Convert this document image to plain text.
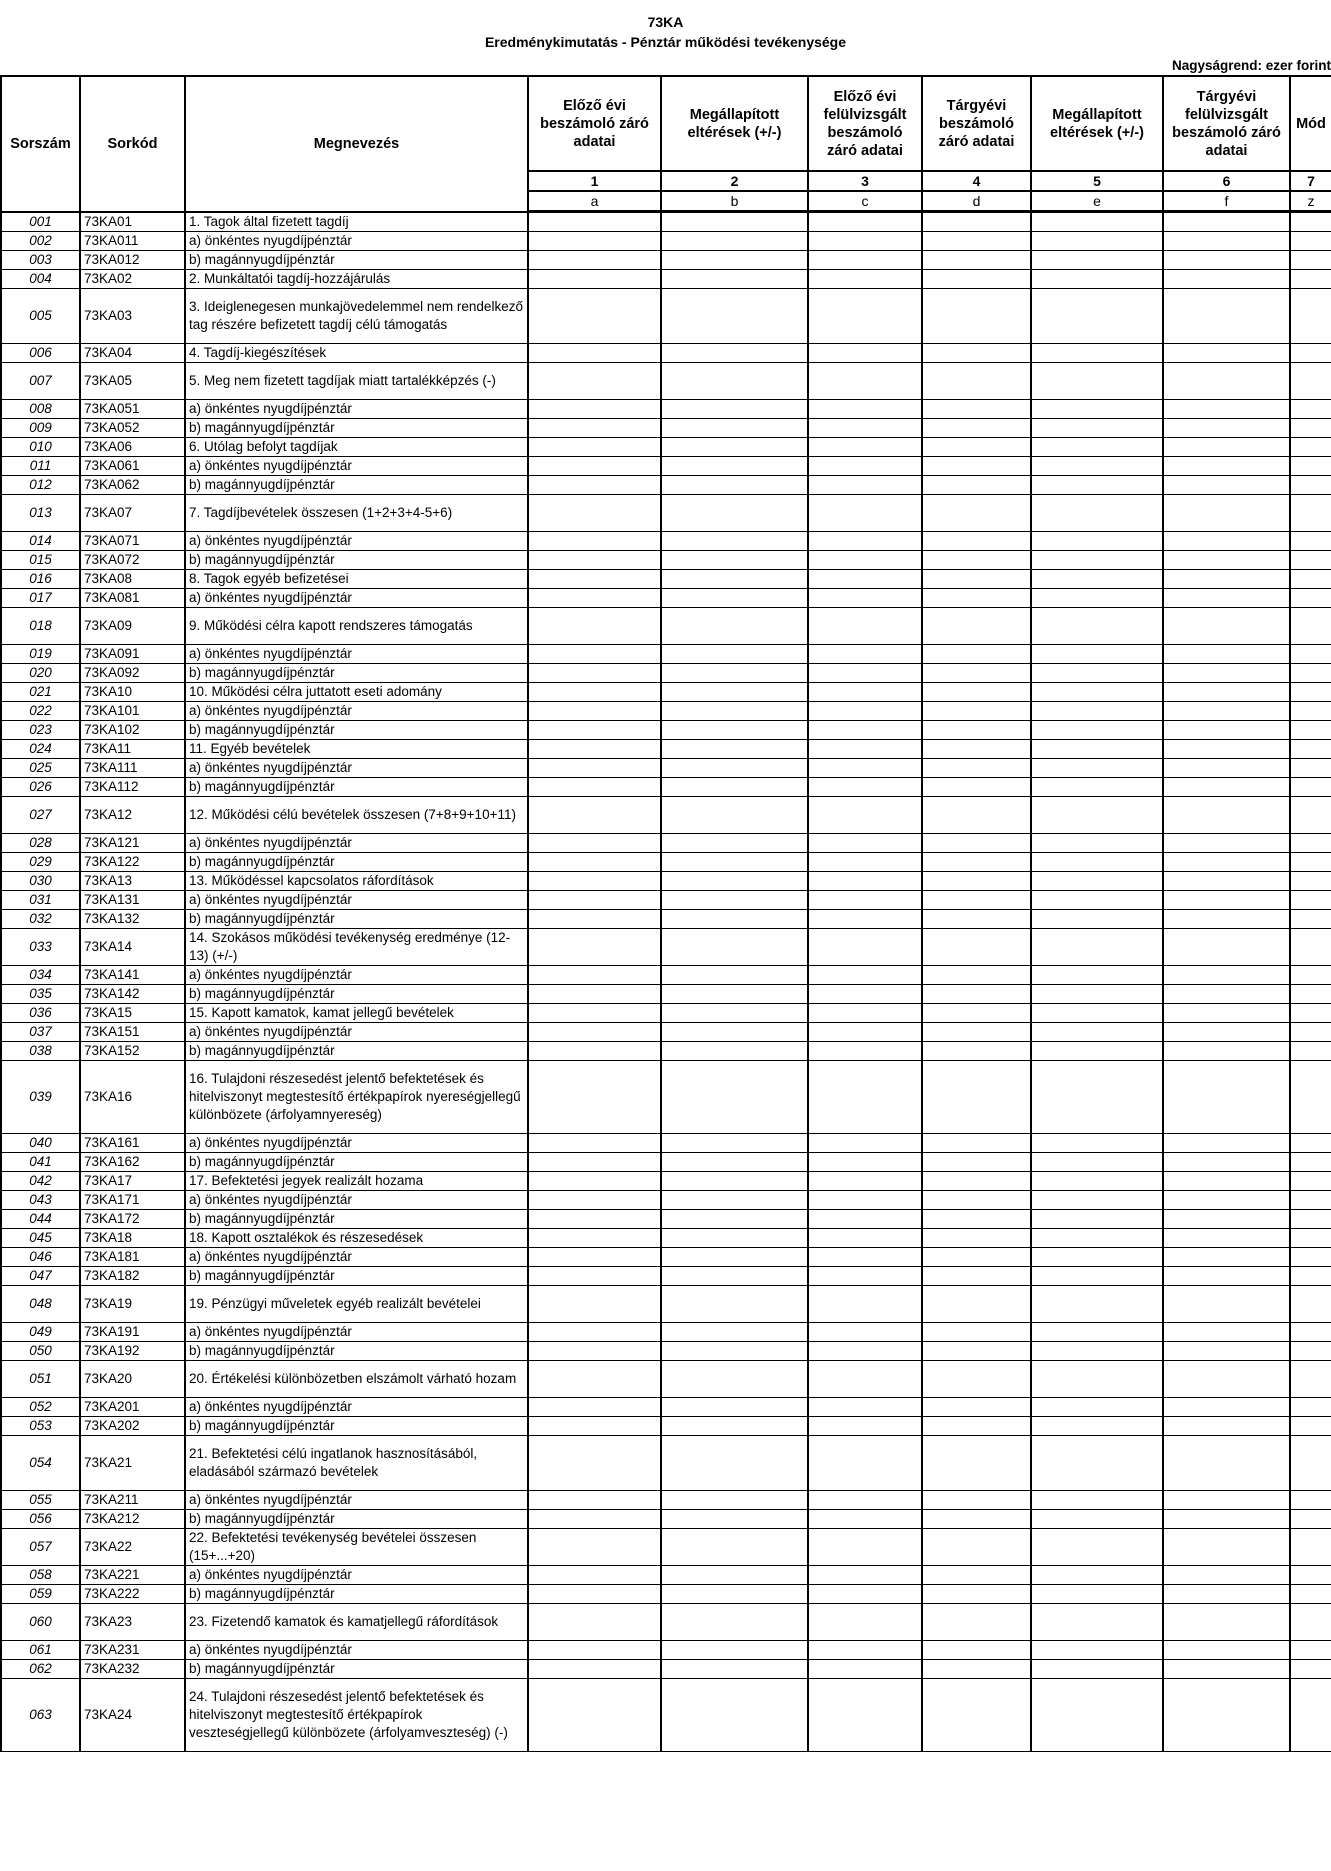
73KA
Eredménykimutatás - Pénztár működési tevékenysége
Nagyságrend: ezer forint
Sorszám	Sorkód	Megnevezés	Előző évi beszámoló záró adatai	Megállapított eltérések (+/-)	Előző évi felülvizsgált beszámoló záró adatai	Tárgyévi beszámoló záró adatai	Megállapított eltérések (+/-)	Tárgyévi felülvizsgált beszámoló záró adatai	Mód
			1	2	3	4	5	6	7
			a	b	c	d	e	f	z
001	73KA01	1. Tagok által fizetett tagdíj							
002	73KA011	a) önkéntes nyugdíjpénztár							
003	73KA012	b) magánnyugdíjpénztár							
004	73KA02	2. Munkáltatói tagdíj-hozzájárulás							
005	73KA03	3. Ideiglenegesen munkajövedelemmel nem rendelkező tag részére befizetett tagdíj célú támogatás							
006	73KA04	4. Tagdíj-kiegészítések							
007	73KA05	5. Meg nem fizetett tagdíjak miatt tartalékképzés (-)							
008	73KA051	a) önkéntes nyugdíjpénztár							
009	73KA052	b) magánnyugdíjpénztár							
010	73KA06	6. Utólag befolyt tagdíjak							
011	73KA061	a) önkéntes nyugdíjpénztár							
012	73KA062	b) magánnyugdíjpénztár							
013	73KA07	7. Tagdíjbevételek összesen (1+2+3+4-5+6)							
014	73KA071	a) önkéntes nyugdíjpénztár							
015	73KA072	b) magánnyugdíjpénztár							
016	73KA08	8. Tagok egyéb befizetései							
017	73KA081	a) önkéntes nyugdíjpénztár							
018	73KA09	9. Működési célra kapott rendszeres támogatás							
019	73KA091	a) önkéntes nyugdíjpénztár							
020	73KA092	b) magánnyugdíjpénztár							
021	73KA10	10. Működési célra juttatott eseti adomány							
022	73KA101	a) önkéntes nyugdíjpénztár							
023	73KA102	b) magánnyugdíjpénztár							
024	73KA11	11. Egyéb bevételek							
025	73KA111	a) önkéntes nyugdíjpénztár							
026	73KA112	b) magánnyugdíjpénztár							
027	73KA12	12. Működési célú bevételek összesen (7+8+9+10+11)							
028	73KA121	a) önkéntes nyugdíjpénztár							
029	73KA122	b) magánnyugdíjpénztár							
030	73KA13	13. Működéssel kapcsolatos ráfordítások							
031	73KA131	a) önkéntes nyugdíjpénztár							
032	73KA132	b) magánnyugdíjpénztár							
033	73KA14	14. Szokásos működési tevékenység eredménye (12-13) (+/-)							
034	73KA141	a) önkéntes nyugdíjpénztár							
035	73KA142	b) magánnyugdíjpénztár							
036	73KA15	15. Kapott kamatok, kamat jellegű bevételek							
037	73KA151	a) önkéntes nyugdíjpénztár							
038	73KA152	b) magánnyugdíjpénztár							
039	73KA16	16. Tulajdoni részesedést jelentő befektetések és hitelviszonyt megtestesítő értékpapírok nyereségjellegű különbözete (árfolyamnyereség)							
040	73KA161	a) önkéntes nyugdíjpénztár							
041	73KA162	b) magánnyugdíjpénztár							
042	73KA17	17. Befektetési jegyek realizált hozama							
043	73KA171	a) önkéntes nyugdíjpénztár							
044	73KA172	b) magánnyugdíjpénztár							
045	73KA18	18. Kapott osztalékok és részesedések							
046	73KA181	a) önkéntes nyugdíjpénztár							
047	73KA182	b) magánnyugdíjpénztár							
048	73KA19	19. Pénzügyi műveletek egyéb realizált bevételei							
049	73KA191	a) önkéntes nyugdíjpénztár							
050	73KA192	b) magánnyugdíjpénztár							
051	73KA20	20. Értékelési különbözetben elszámolt várható hozam							
052	73KA201	a) önkéntes nyugdíjpénztár							
053	73KA202	b) magánnyugdíjpénztár							
054	73KA21	21. Befektetési célú ingatlanok hasznosításából, eladásából származó bevételek							
055	73KA211	a) önkéntes nyugdíjpénztár							
056	73KA212	b) magánnyugdíjpénztár							
057	73KA22	22. Befektetési tevékenység bevételei összesen (15+...+20)							
058	73KA221	a) önkéntes nyugdíjpénztár							
059	73KA222	b) magánnyugdíjpénztár							
060	73KA23	23. Fizetendő kamatok és kamatjellegű ráfordítások							
061	73KA231	a) önkéntes nyugdíjpénztár							
062	73KA232	b) magánnyugdíjpénztár							
063	73KA24	24. Tulajdoni részesedést jelentő befektetések és hitelviszonyt megtestesítő értékpapírok veszteségjellegű különbözete (árfolyamveszteség) (-)							
